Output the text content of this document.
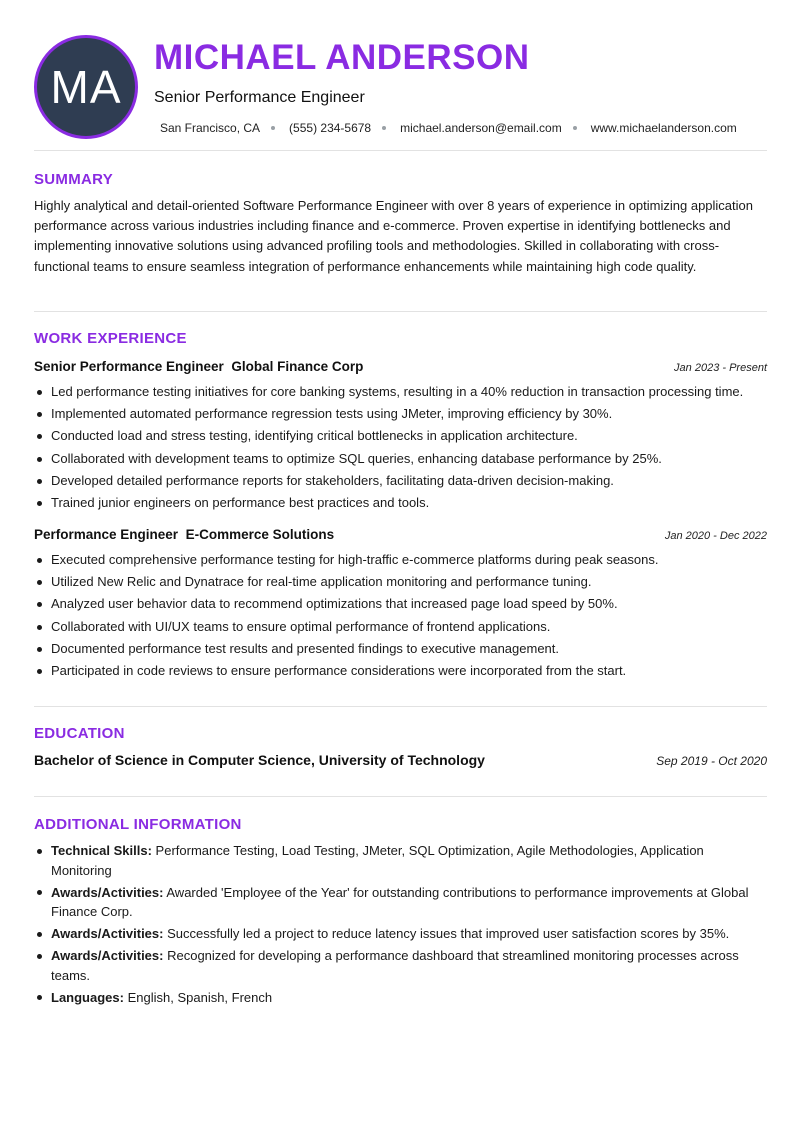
MA
MICHAEL ANDERSON
Senior Performance Engineer
San Francisco, CA (555) 234-5678 michael.anderson@email.com www.michaelanderson.com
SUMMARY
Highly analytical and detail-oriented Software Performance Engineer with over 8 years of experience in optimizing application performance across various industries including finance and e-commerce. Proven expertise in identifying bottlenecks and implementing innovative solutions using advanced profiling tools and methodologies. Skilled in collaborating with cross-functional teams to ensure seamless integration of performance enhancements while maintaining high code quality.
WORK EXPERIENCE
Senior Performance Engineer Global Finance Corp	Jan 2023 - Present
Led performance testing initiatives for core banking systems, resulting in a 40% reduction in transaction processing time.
Implemented automated performance regression tests using JMeter, improving efficiency by 30%.
Conducted load and stress testing, identifying critical bottlenecks in application architecture.
Collaborated with development teams to optimize SQL queries, enhancing database performance by 25%.
Developed detailed performance reports for stakeholders, facilitating data-driven decision-making.
Trained junior engineers on performance best practices and tools.
Performance Engineer E-Commerce Solutions	Jan 2020 - Dec 2022
Executed comprehensive performance testing for high-traffic e-commerce platforms during peak seasons.
Utilized New Relic and Dynatrace for real-time application monitoring and performance tuning.
Analyzed user behavior data to recommend optimizations that increased page load speed by 50%.
Collaborated with UI/UX teams to ensure optimal performance of frontend applications.
Documented performance test results and presented findings to executive management.
Participated in code reviews to ensure performance considerations were incorporated from the start.
EDUCATION
Bachelor of Science in Computer Science, University of Technology	Sep 2019 - Oct 2020
ADDITIONAL INFORMATION
Technical Skills: Performance Testing, Load Testing, JMeter, SQL Optimization, Agile Methodologies, Application Monitoring
Awards/Activities: Awarded 'Employee of the Year' for outstanding contributions to performance improvements at Global Finance Corp.
Awards/Activities: Successfully led a project to reduce latency issues that improved user satisfaction scores by 35%.
Awards/Activities: Recognized for developing a performance dashboard that streamlined monitoring processes across teams.
Languages: English, Spanish, French
